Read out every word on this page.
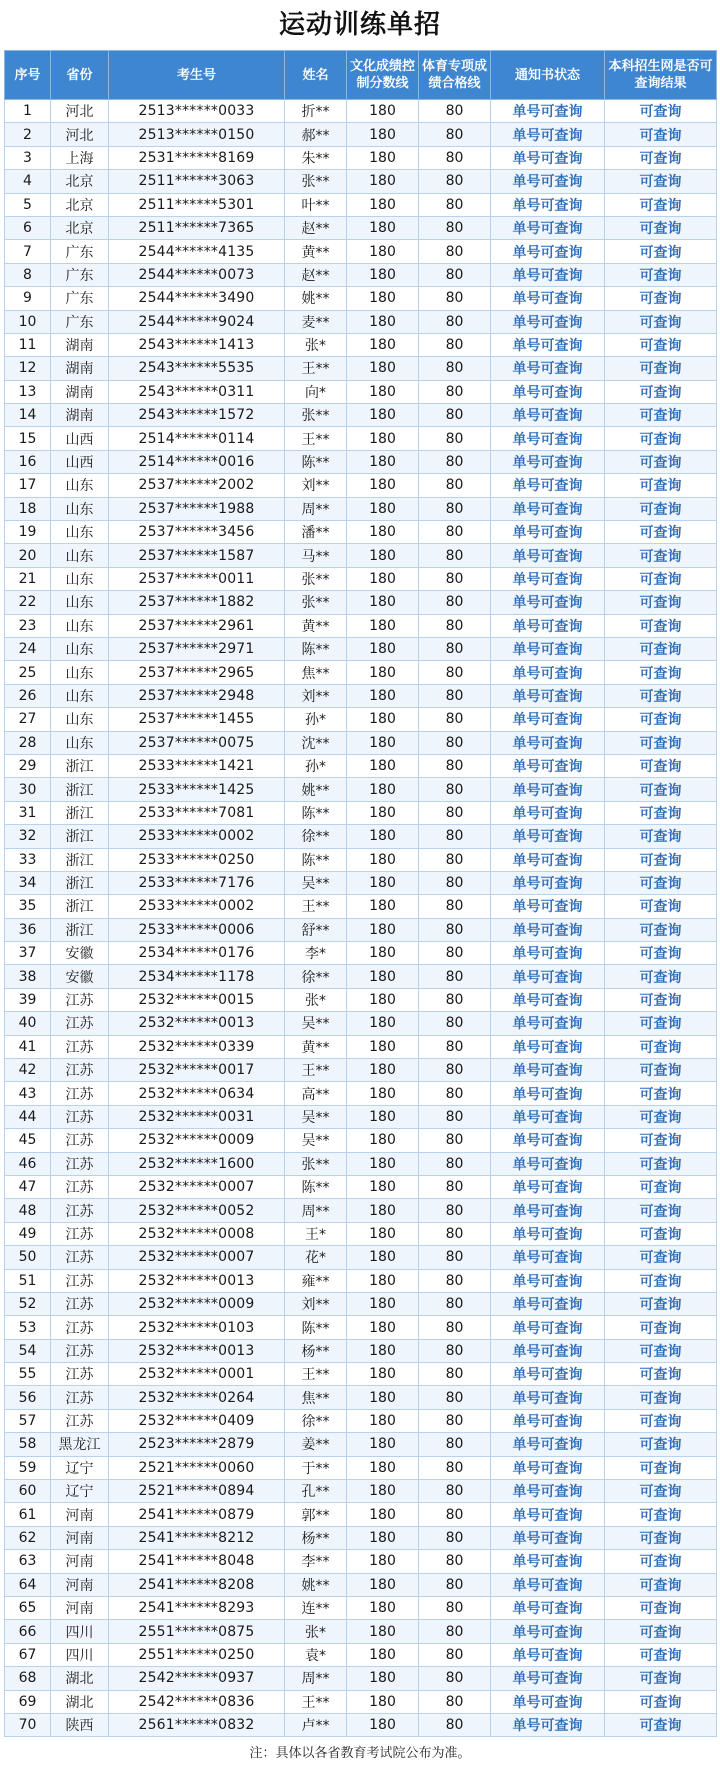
运动训练单招
序号	省份	考生号	姓名	文化成绩控制分数线	体育专项成绩合格线	通知书状态	本科招生网是否可查询结果
1	河北	2513******0033	折**	180	80	单号可查询	可查询
2	河北	2513******0150	郝**	180	80	单号可查询	可查询
3	上海	2531******8169	朱**	180	80	单号可查询	可查询
4	北京	2511******3063	张**	180	80	单号可查询	可查询
5	北京	2511******5301	叶**	180	80	单号可查询	可查询
6	北京	2511******7365	赵**	180	80	单号可查询	可查询
7	广东	2544******4135	黄**	180	80	单号可查询	可查询
8	广东	2544******0073	赵**	180	80	单号可查询	可查询
9	广东	2544******3490	姚**	180	80	单号可查询	可查询
10	广东	2544******9024	麦**	180	80	单号可查询	可查询
11	湖南	2543******1413	张*	180	80	单号可查询	可查询
12	湖南	2543******5535	王**	180	80	单号可查询	可查询
13	湖南	2543******0311	向*	180	80	单号可查询	可查询
14	湖南	2543******1572	张**	180	80	单号可查询	可查询
15	山西	2514******0114	王**	180	80	单号可查询	可查询
16	山西	2514******0016	陈**	180	80	单号可查询	可查询
17	山东	2537******2002	刘**	180	80	单号可查询	可查询
18	山东	2537******1988	周**	180	80	单号可查询	可查询
19	山东	2537******3456	潘**	180	80	单号可查询	可查询
20	山东	2537******1587	马**	180	80	单号可查询	可查询
21	山东	2537******0011	张**	180	80	单号可查询	可查询
22	山东	2537******1882	张**	180	80	单号可查询	可查询
23	山东	2537******2961	黄**	180	80	单号可查询	可查询
24	山东	2537******2971	陈**	180	80	单号可查询	可查询
25	山东	2537******2965	焦**	180	80	单号可查询	可查询
26	山东	2537******2948	刘**	180	80	单号可查询	可查询
27	山东	2537******1455	孙*	180	80	单号可查询	可查询
28	山东	2537******0075	沈**	180	80	单号可查询	可查询
29	浙江	2533******1421	孙*	180	80	单号可查询	可查询
30	浙江	2533******1425	姚**	180	80	单号可查询	可查询
31	浙江	2533******7081	陈**	180	80	单号可查询	可查询
32	浙江	2533******0002	徐**	180	80	单号可查询	可查询
33	浙江	2533******0250	陈**	180	80	单号可查询	可查询
34	浙江	2533******7176	吴**	180	80	单号可查询	可查询
35	浙江	2533******0002	王**	180	80	单号可查询	可查询
36	浙江	2533******0006	舒**	180	80	单号可查询	可查询
37	安徽	2534******0176	李*	180	80	单号可查询	可查询
38	安徽	2534******1178	徐**	180	80	单号可查询	可查询
39	江苏	2532******0015	张*	180	80	单号可查询	可查询
40	江苏	2532******0013	吴**	180	80	单号可查询	可查询
41	江苏	2532******0339	黄**	180	80	单号可查询	可查询
42	江苏	2532******0017	王**	180	80	单号可查询	可查询
43	江苏	2532******0634	高**	180	80	单号可查询	可查询
44	江苏	2532******0031	吴**	180	80	单号可查询	可查询
45	江苏	2532******0009	吴**	180	80	单号可查询	可查询
46	江苏	2532******1600	张**	180	80	单号可查询	可查询
47	江苏	2532******0007	陈**	180	80	单号可查询	可查询
48	江苏	2532******0052	周**	180	80	单号可查询	可查询
49	江苏	2532******0008	王*	180	80	单号可查询	可查询
50	江苏	2532******0007	花*	180	80	单号可查询	可查询
51	江苏	2532******0013	雍**	180	80	单号可查询	可查询
52	江苏	2532******0009	刘**	180	80	单号可查询	可查询
53	江苏	2532******0103	陈**	180	80	单号可查询	可查询
54	江苏	2532******0013	杨**	180	80	单号可查询	可查询
55	江苏	2532******0001	王**	180	80	单号可查询	可查询
56	江苏	2532******0264	焦**	180	80	单号可查询	可查询
57	江苏	2532******0409	徐**	180	80	单号可查询	可查询
58	黑龙江	2523******2879	姜**	180	80	单号可查询	可查询
59	辽宁	2521******0060	于**	180	80	单号可查询	可查询
60	辽宁	2521******0894	孔**	180	80	单号可查询	可查询
61	河南	2541******0879	郭**	180	80	单号可查询	可查询
62	河南	2541******8212	杨**	180	80	单号可查询	可查询
63	河南	2541******8048	李**	180	80	单号可查询	可查询
64	河南	2541******8208	姚**	180	80	单号可查询	可查询
65	河南	2541******8293	连**	180	80	单号可查询	可查询
66	四川	2551******0875	张*	180	80	单号可查询	可查询
67	四川	2551******0250	袁*	180	80	单号可查询	可查询
68	湖北	2542******0937	周**	180	80	单号可查询	可查询
69	湖北	2542******0836	王**	180	80	单号可查询	可查询
70	陕西	2561******0832	卢**	180	80	单号可查询	可查询
注：具体以各省教育考试院公布为准。
